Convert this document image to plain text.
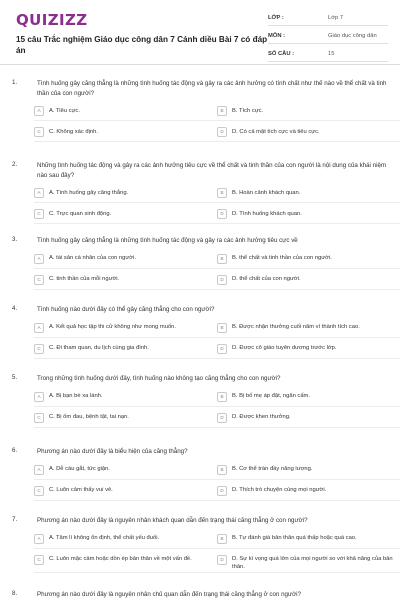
QUIZIZZ
15 câu Trắc nghiệm Giáo dục công dân 7 Cánh diều Bài 7 có đáp án
LỚP :	Lớp 7
MÔN :	Giáo dục công dân
SỐ CÂU :	15
1.	Tình huống gây căng thẳng là những tình huống tác động và gây ra các ảnh hưởng có tính chất như thế nào về thể chất và tinh thần của con người?
A	A. Tiêu cực.	B	B. Tích cực.
C	C. Không xác định.	D	D. Có cả mặt tích cực và tiêu cực.
2.	Những tình huống tác động và gây ra các ảnh hưởng tiêu cực về thể chất và tinh thần của con người là nội dung của khái niệm nào sau đây?
A	A. Tình huống gây căng thẳng.	B	B. Hoàn cảnh khách quan.
C	C. Trực quan sinh động.	D	D. Tình huống khách quan.
3.	Tình huống gây căng thẳng là những tình huống tác động và gây ra các ảnh hưởng tiêu cực về
A	A. tài sản cá nhân của con người.	B	B. thể chất và tinh thần của con người.
C	C. tinh thần của mỗi người.	D	D. thể chất của con người.
4.	Tình huống nào dưới đây có thể gây căng thẳng cho con người?
A	A. Kết quả học tập thi cử không như mong muốn.	B	B. Được nhận thưởng cuối năm vì thành tích cao.
C	C. Đi tham quan, du lịch cùng gia đình.	D	D. Được cô giáo tuyên dương trước lớp.
5.	Trong những tình huống dưới đây, tình huống nào không tạo căng thẳng cho con người?
A	A. Bị bạn bè xa lánh.	B	B. Bị bố mẹ áp đặt, ngăn cấm.
C	C. Bị ốm đau, bệnh tật, tai nạn.	D	D. Được khen thưởng.
6.	Phương án nào dưới đây là biểu hiện của căng thẳng?
A	A. Dễ cáu gắt, tức giận.	B	B. Cơ thể tràn đầy năng lượng.
C	C. Luôn cảm thấy vui vẻ.	D	D. Thích trò chuyện cùng mọi người.
7.	Phương án nào dưới đây là nguyên nhân khách quan dẫn đến trạng thái căng thẳng ở con người?
A	A. Tâm lí không ổn định, thể chất yếu đuối.	B	B. Tự đánh giá bản thân quá thấp hoặc quá cao.
C	C. Luôn mặc cảm hoặc dồn ép bản thân về một vấn đề.	D	D. Sự kì vọng quá lớn của mọi người so với khả năng của bản thân.
8.	Phương án nào dưới đây là nguyên nhân chủ quan dẫn đến trạng thái căng thẳng ở con người?
